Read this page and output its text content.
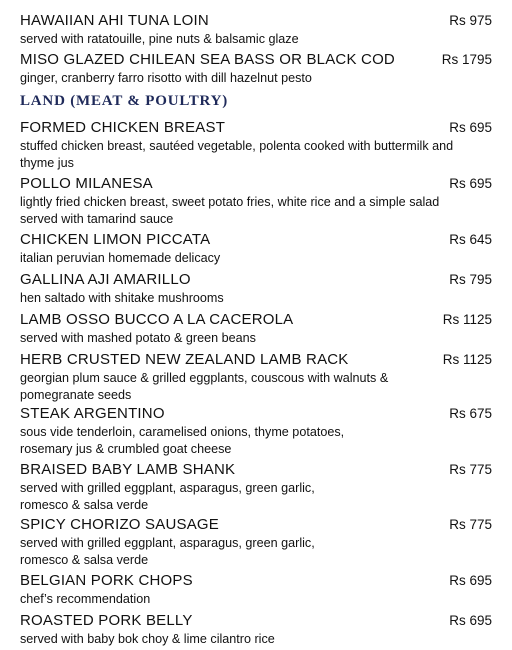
HAWAIIAN AHI TUNA LOIN	Rs 975
served with ratatouille, pine nuts & balsamic glaze
MISO GLAZED CHILEAN SEA BASS OR BLACK COD	Rs 1795
ginger, cranberry farro risotto with dill hazelnut pesto
LAND (MEAT & POULTRY)
FORMED CHICKEN BREAST	Rs 695
stuffed chicken breast, sautéed vegetable, polenta cooked with buttermilk and thyme jus
POLLO MILANESA	Rs 695
lightly fried chicken breast, sweet potato fries, white rice and a simple salad served with tamarind sauce
CHICKEN LIMON PICCATA	Rs 645
italian peruvian homemade delicacy
GALLINA AJI AMARILLO	Rs 795
hen saltado with shitake mushrooms
LAMB OSSO BUCCO A LA CACEROLA	Rs 1125
served with mashed potato & green beans
HERB CRUSTED NEW ZEALAND LAMB RACK	Rs 1125
georgian plum sauce & grilled eggplants, couscous with walnuts & pomegranate seeds
STEAK ARGENTINO	Rs 675
sous vide tenderloin, caramelised onions, thyme potatoes, rosemary jus & crumbled goat cheese
BRAISED BABY LAMB SHANK	Rs 775
served with grilled eggplant, asparagus, green garlic, romesco & salsa verde
SPICY CHORIZO SAUSAGE	Rs 775
served with grilled eggplant, asparagus, green garlic, romesco & salsa verde
BELGIAN PORK CHOPS	Rs 695
chef’s recommendation
ROASTED PORK BELLY	Rs 695
served with baby bok choy & lime cilantro rice
